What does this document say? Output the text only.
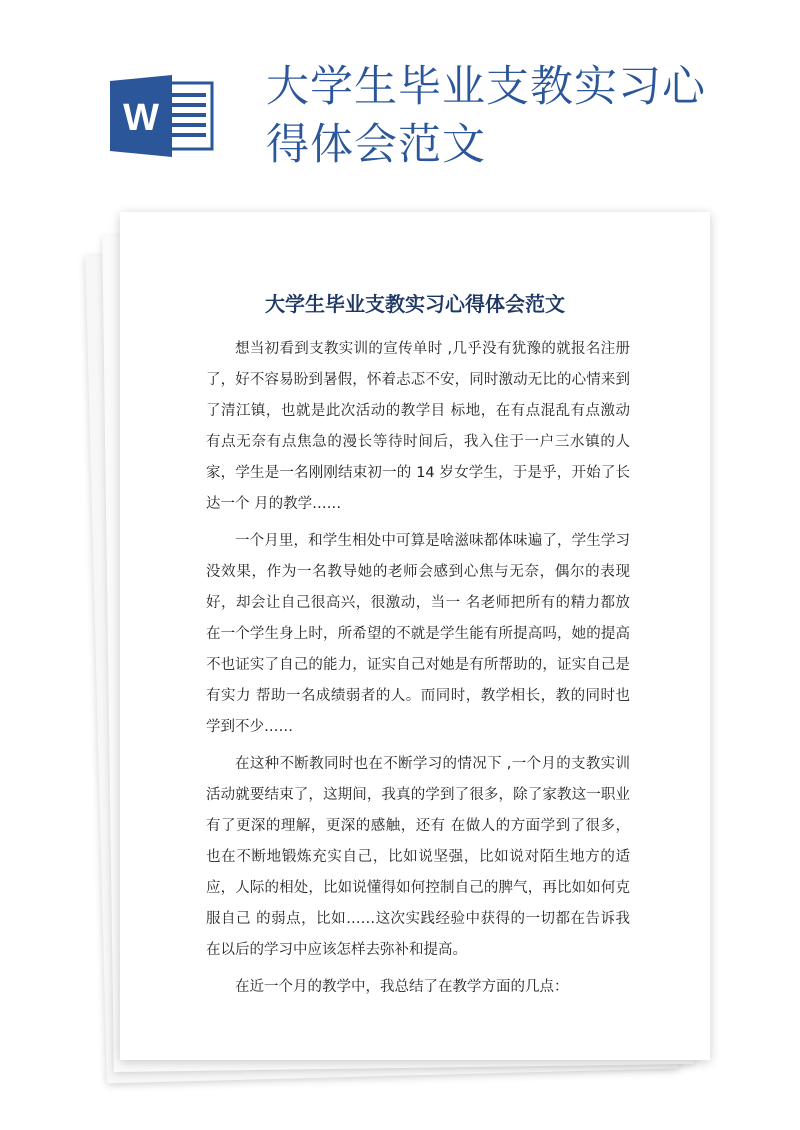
W
大学生毕业支教实习心得体会范文
大学生毕业支教实习心得体会范文

想当初看到支教实训的宣传单时 ,几乎没有犹豫的就报名注册了，好不容易盼到暑假，怀着忐忑不安，同时激动无比的心情来到了清江镇，也就是此次活动的教学目 标地，在有点混乱有点激动有点无奈有点焦急的漫长等待时间后，我入住于一户三水镇的人家，学生是一名刚刚结束初一的 14 岁女学生，于是乎，开始了长达一个 月的教学……

一个月里，和学生相处中可算是啥滋味都体味遍了，学生学习没效果，作为一名教导她的老师会感到心焦与无奈，偶尔的表现好，却会让自己很高兴，很激动，当一 名老师把所有的精力都放在一个学生身上时，所希望的不就是学生能有所提高吗，她的提高不也证实了自己的能力，证实自己对她是有所帮助的，证实自己是有实力 帮助一名成绩弱者的人。而同时，教学相长，教的同时也学到不少……

在这种不断教同时也在不断学习的情况下 ,一个月的支教实训活动就要结束了，这期间，我真的学到了很多，除了家教这一职业有了更深的理解，更深的感触，还有 在做人的方面学到了很多，也在不断地锻炼充实自己，比如说坚强，比如说对陌生地方的适应，人际的相处，比如说懂得如何控制自己的脾气，再比如如何克服自己 的弱点，比如……这次实践经验中获得的一切都在告诉我在以后的学习中应该怎样去弥补和提高。

在近一个月的教学中，我总结了在教学方面的几点：
